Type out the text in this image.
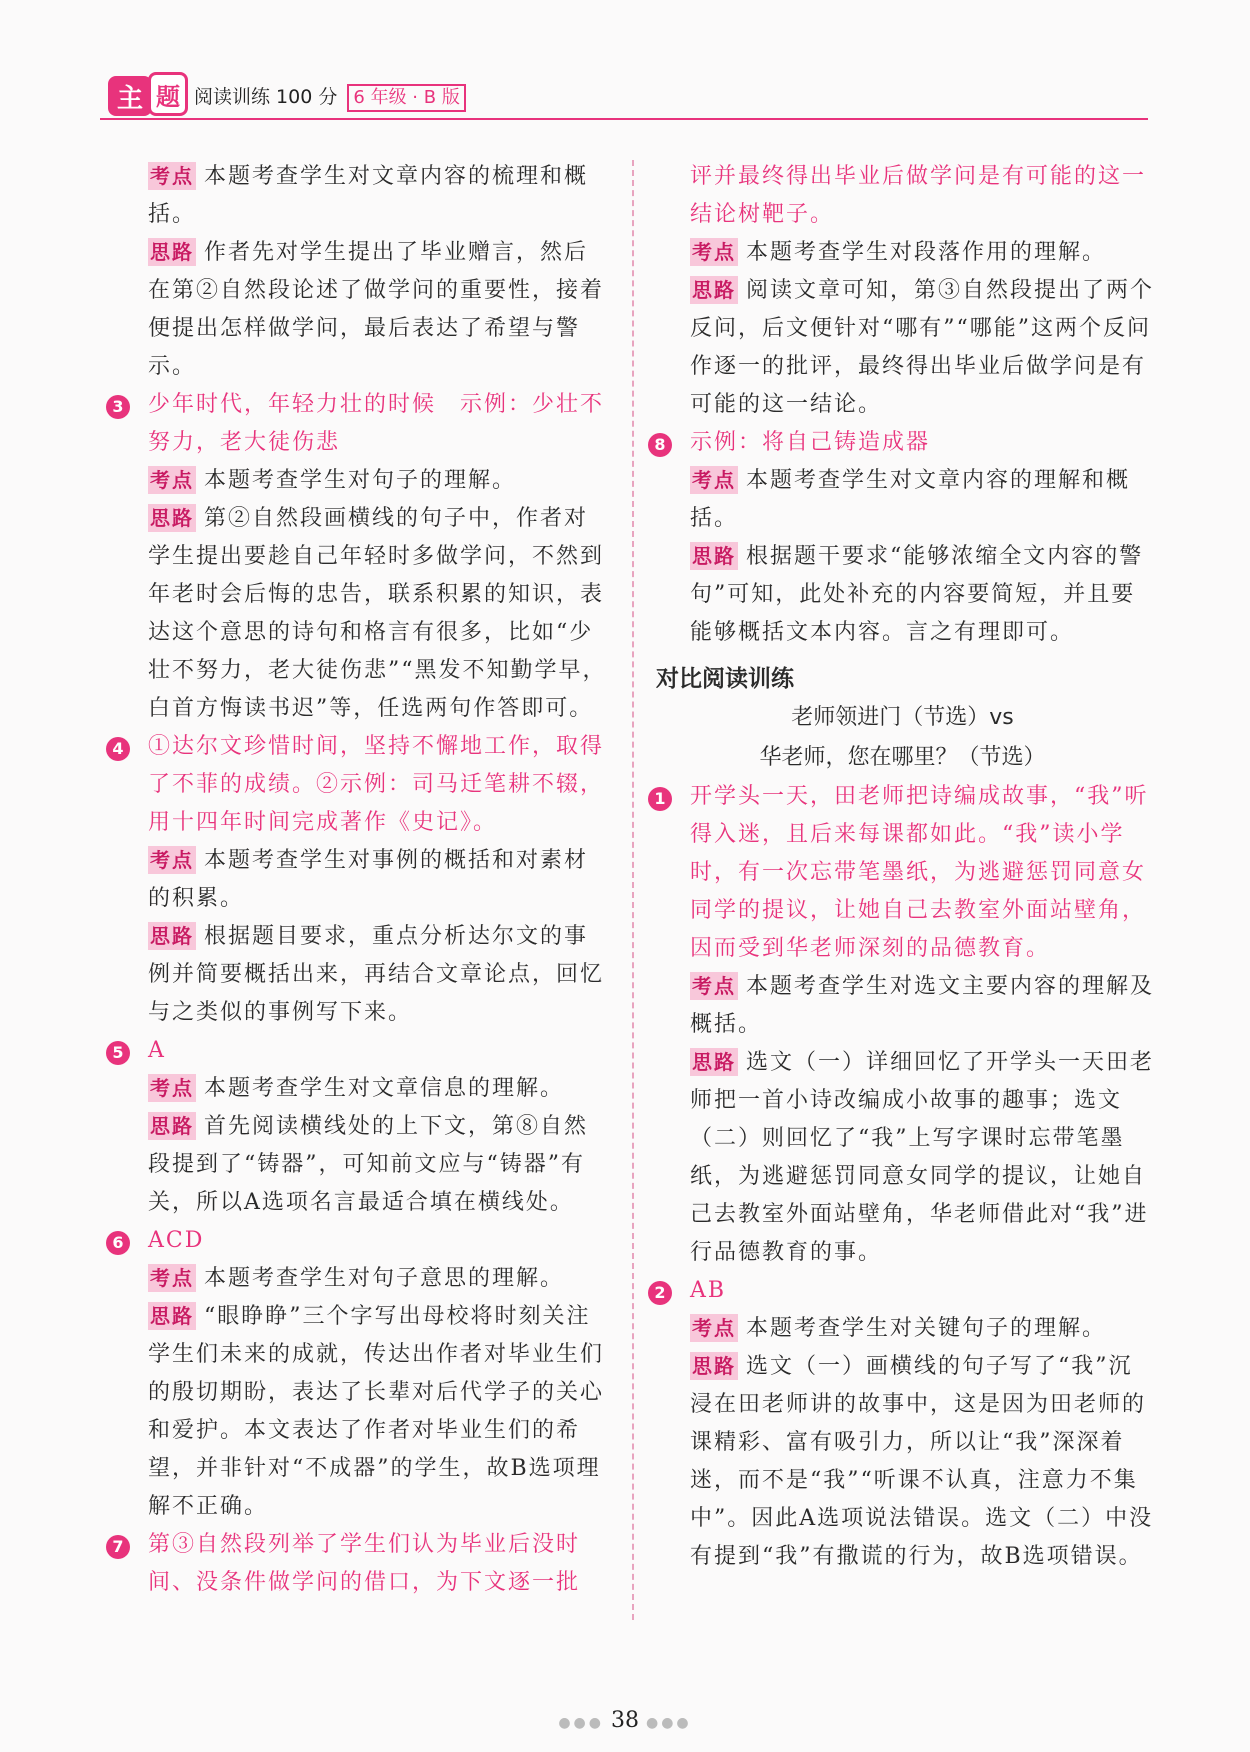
主 题 阅读训练 100 分 6 年级 · B 版

考点 本题考查学生对文章内容的梳理和概括。

思路 作者先对学生提出了毕业赠言，然后在第②自然段论述了做学问的重要性，接着便提出怎样做学问，最后表达了希望与警示。

3 少年时代，年轻力壮的时候　示例：少壮不努力，老大徒伤悲

考点 本题考查学生对句子的理解。

思路 第②自然段画横线的句子中，作者对学生提出要趁自己年轻时多做学问，不然到年老时会后悔的忠告，联系积累的知识，表达这个意思的诗句和格言有很多，比如“少壮不努力，老大徒伤悲”“黑发不知勤学早，白首方悔读书迟”等，任选两句作答即可。

4 ①达尔文珍惜时间，坚持不懈地工作，取得了不菲的成绩。②示例：司马迁笔耕不辍，用十四年时间完成著作《史记》。

考点 本题考查学生对事例的概括和对素材的积累。

思路 根据题目要求，重点分析达尔文的事例并简要概括出来，再结合文章论点，回忆与之类似的事例写下来。

5 A

考点 本题考查学生对文章信息的理解。

思路 首先阅读横线处的上下文，第⑧自然段提到了“铸器”，可知前文应与“铸器”有关，所以A选项名言最适合填在横线处。

6 ACD

考点 本题考查学生对句子意思的理解。

思路 “眼睁睁”三个字写出母校将时刻关注学生们未来的成就，传达出作者对毕业生们的殷切期盼，表达了长辈对后代学子的关心和爱护。本文表达了作者对毕业生们的希望，并非针对“不成器”的学生，故B选项理解不正确。

7 第③自然段列举了学生们认为毕业后没时间、没条件做学问的借口，为下文逐一批

评并最终得出毕业后做学问是有可能的这一结论树靶子。

考点 本题考查学生对段落作用的理解。

思路 阅读文章可知，第③自然段提出了两个反问，后文便针对“哪有”“哪能”这两个反问作逐一的批评，最终得出毕业后做学问是有可能的这一结论。

8 示例：将自己铸造成器

考点 本题考查学生对文章内容的理解和概括。

思路 根据题干要求“能够浓缩全文内容的警句”可知，此处补充的内容要简短，并且要能够概括文本内容。言之有理即可。

对比阅读训练

老师领进门（节选）vs

华老师，您在哪里？（节选）

1 开学头一天，田老师把诗编成故事，“我”听得入迷，且后来每课都如此。“我”读小学时，有一次忘带笔墨纸，为逃避惩罚同意女同学的提议，让她自己去教室外面站壁角，因而受到华老师深刻的品德教育。

考点 本题考查学生对选文主要内容的理解及概括。

思路 选文（一）详细回忆了开学头一天田老师把一首小诗改编成小故事的趣事；选文（二）则回忆了“我”上写字课时忘带笔墨纸，为逃避惩罚同意女同学的提议，让她自己去教室外面站壁角，华老师借此对“我”进行品德教育的事。

2 AB

考点 本题考查学生对关键句子的理解。

思路 选文（一）画横线的句子写了“我”沉浸在田老师讲的故事中，这是因为田老师的课精彩、富有吸引力，所以让“我”深深着迷，而不是“我”“听课不认真，注意力不集中”。因此A选项说法错误。选文（二）中没有提到“我”有撒谎的行为，故B选项错误。

●●● 38 ●●●
